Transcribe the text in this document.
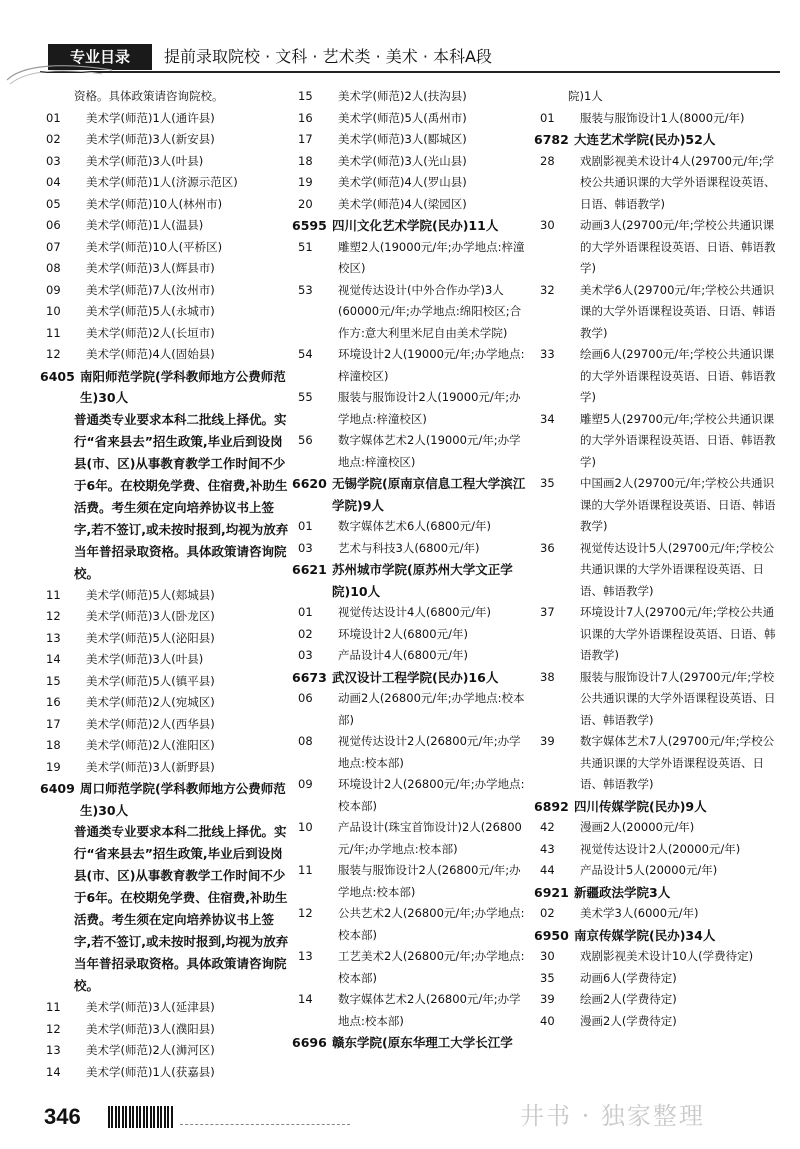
专业目录	提前录取院校 · 文科 · 艺术类 · 美术 · 本科A段
资格。具体政策请咨询院校。
01	美术学(师范)1人(通许县)
02	美术学(师范)3人(新安县)
03	美术学(师范)3人(叶县)
04	美术学(师范)1人(济源示范区)
05	美术学(师范)10人(林州市)
06	美术学(师范)1人(温县)
07	美术学(师范)10人(平桥区)
08	美术学(师范)3人(辉县市)
09	美术学(师范)7人(汝州市)
10	美术学(师范)5人(永城市)
11	美术学(师范)2人(长垣市)
12	美术学(师范)4人(固始县)
6405 南阳师范学院(学科教师地方公费师范生)30人
普通类专业要求本科二批线上择优。实行“省来县去”招生政策,毕业后到设岗县(市、区)从事教育教学工作时间不少于6年。在校期免学费、住宿费,补助生活费。考生须在定向培养协议书上签字,若不签订,或未按时报到,均视为放弃当年普招录取资格。具体政策请咨询院校。
11	美术学(师范)5人(郏城县)
12	美术学(师范)3人(卧龙区)
13	美术学(师范)5人(泌阳县)
14	美术学(师范)3人(叶县)
15	美术学(师范)5人(镇平县)
16	美术学(师范)2人(宛城区)
17	美术学(师范)2人(西华县)
18	美术学(师范)2人(淮阳区)
19	美术学(师范)3人(新野县)
6409 周口师范学院(学科教师地方公费师范生)30人
普通类专业要求本科二批线上择优。实行“省来县去”招生政策,毕业后到设岗县(市、区)从事教育教学工作时间不少于6年。在校期免学费、住宿费,补助生活费。考生须在定向培养协议书上签字,若不签订,或未按时报到,均视为放弃当年普招录取资格。具体政策请咨询院校。
11	美术学(师范)3人(延津县)
12	美术学(师范)3人(濮阳县)
13	美术学(师范)2人(浉河区)
14	美术学(师范)1人(获嘉县)
15	美术学(师范)2人(扶沟县)
16	美术学(师范)5人(禹州市)
17	美术学(师范)3人(郾城区)
18	美术学(师范)3人(光山县)
19	美术学(师范)4人(罗山县)
20	美术学(师范)4人(梁园区)
6595 四川文化艺术学院(民办)11人
51	雕塑2人(19000元/年;办学地点:梓潼校区)
53	视觉传达设计(中外合作办学)3人(60000元/年;办学地点:绵阳校区;合作方:意大利里米尼自由美术学院)
54	环境设计2人(19000元/年;办学地点:梓潼校区)
55	服装与服饰设计2人(19000元/年;办学地点:梓潼校区)
56	数字媒体艺术2人(19000元/年;办学地点:梓潼校区)
6620 无锡学院(原南京信息工程大学滨江学院)9人
01	数字媒体艺术6人(6800元/年)
03	艺术与科技3人(6800元/年)
6621 苏州城市学院(原苏州大学文正学院)10人
01	视觉传达设计4人(6800元/年)
02	环境设计2人(6800元/年)
03	产品设计4人(6800元/年)
6673 武汉设计工程学院(民办)16人
06	动画2人(26800元/年;办学地点:校本部)
08	视觉传达设计2人(26800元/年;办学地点:校本部)
09	环境设计2人(26800元/年;办学地点:校本部)
10	产品设计(珠宝首饰设计)2人(26800元/年;办学地点:校本部)
11	服装与服饰设计2人(26800元/年;办学地点:校本部)
12	公共艺术2人(26800元/年;办学地点:校本部)
13	工艺美术2人(26800元/年;办学地点:校本部)
14	数字媒体艺术2人(26800元/年;办学地点:校本部)
6696 赣东学院(原东华理工大学长江学
院)1人
01	服装与服饰设计1人(8000元/年)
6782 大连艺术学院(民办)52人
28	戏剧影视美术设计4人(29700元/年;学校公共通识课的大学外语课程设英语、日语、韩语教学)
30	动画3人(29700元/年;学校公共通识课的大学外语课程设英语、日语、韩语教学)
32	美术学6人(29700元/年;学校公共通识课的大学外语课程设英语、日语、韩语教学)
33	绘画6人(29700元/年;学校公共通识课的大学外语课程设英语、日语、韩语教学)
34	雕塑5人(29700元/年;学校公共通识课的大学外语课程设英语、日语、韩语教学)
35	中国画2人(29700元/年;学校公共通识课的大学外语课程设英语、日语、韩语教学)
36	视觉传达设计5人(29700元/年;学校公共通识课的大学外语课程设英语、日语、韩语教学)
37	环境设计7人(29700元/年;学校公共通识课的大学外语课程设英语、日语、韩语教学)
38	服装与服饰设计7人(29700元/年;学校公共通识课的大学外语课程设英语、日语、韩语教学)
39	数字媒体艺术7人(29700元/年;学校公共通识课的大学外语课程设英语、日语、韩语教学)
6892 四川传媒学院(民办)9人
42	漫画2人(20000元/年)
43	视觉传达设计2人(20000元/年)
44	产品设计5人(20000元/年)
6921 新疆政法学院3人
02	美术学3人(6000元/年)
6950 南京传媒学院(民办)34人
30	戏剧影视美术设计10人(学费待定)
35	动画6人(学费待定)
39	绘画2人(学费待定)
40	漫画2人(学费待定)
346	井书 · 独家整理
